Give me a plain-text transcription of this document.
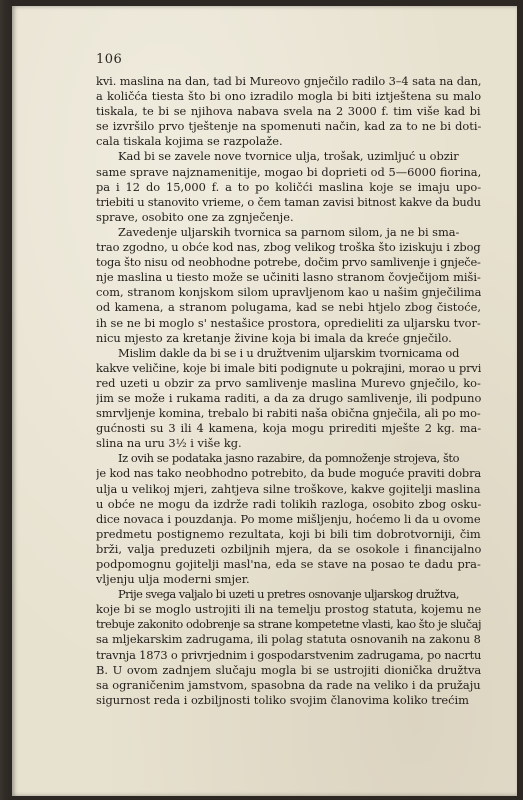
106
kvi. maslina na dan, tad bi Mureovo gnječilo radilo 3–4 sata na dan,
a količća tiesta što bi ono izradilo mogla bi biti iztještena su malo
tiskala, te bi se njihova nabava svela na 2 3000 f. tim više kad bi
se izvršilo prvo tještenje na spomenuti način, kad za to ne bi doti-
cala tiskala kojima se razpolaže.
Kad bi se zavele nove tvornice ulja, trošak, uzimljuć u obzir
same sprave najznamenitije, mogao bi doprieti od 5—6000 fiorina,
pa i 12 do 15,000 f. a to po količći maslina koje se imaju upo-
triebiti u stanovito vrieme, o čem taman zavisi bitnost kakve da budu
sprave, osobito one za zgnječenje.
Zavedenje uljarskih tvornica sa parnom silom, ja ne bi sma-
trao zgodno, u obće kod nas, zbog velikog troška što iziskuju i zbog
toga što nisu od neobhodne potrebe, dočim prvo samlivenje i gnječe-
nje maslina u tiesto može se učiniti lasno stranom čovječijom miši-
com, stranom konjskom silom upravljenom kao u našim gnječilima
od kamena, a stranom polugama, kad se nebi htjelo zbog čistoće,
ih se ne bi moglo s' nestašice prostora, opredieliti za uljarsku tvor-
nicu mjesto za kretanje živine koja bi imala da kreće gnječilo.
Mislim dakle da bi se i u družtvenim uljarskim tvornicama od
kakve veličine, koje bi imale biti podignute u pokrajini, morao u prvi
red uzeti u obzir za prvo samlivenje maslina Murevo gnječilo, ko-
jim se može i rukama raditi, a da za drugo samlivenje, ili podpuno
smrvljenje komina, trebalo bi rabiti naša obična gnječila, ali po mo-
gućnosti su 3 ili 4 kamena, koja mogu prirediti mješte 2 kg. ma-
slina na uru 3½ i više kg.
Iz ovih se podataka jasno razabire, da pomnoženje strojeva, što
je kod nas tako neobhodno potrebito, da bude moguće praviti dobra
ulja u velikoj mjeri, zahtjeva silne troškove, kakve gojitelji maslina
u obće ne mogu da izdrže radi tolikih razloga, osobito zbog osku-
dice novaca i pouzdanja. Po mome mišljenju, hoćemo li da u ovome
predmetu postignemo rezultata, koji bi bili tim dobrotvorniji, čim
brži, valja preduzeti ozbiljnih mjera, da se osokole i financijalno
podpomognu gojitelji masl'na, eda se stave na posao te dadu pra-
vljenju ulja moderni smjer.
Prije svega valjalo bi uzeti u pretres osnovanje uljarskog družtva,
koje bi se moglo ustrojiti ili na temelju prostog statuta, kojemu ne
trebuje zakonito odobrenje sa strane kompetetne vlasti, kao što je slučaj
sa mljekarskim zadrugama, ili polag statuta osnovanih na zakonu 8
travnja 1873 o privrjednim i gospodarstvenim zadrugama, po nacrtu
B. U ovom zadnjem slučaju mogla bi se ustrojiti dionička družtva
sa ograničenim jamstvom, spasobna da rade na veliko i da pružaju
sigurnost reda i ozbiljnosti toliko svojim članovima koliko trećim
